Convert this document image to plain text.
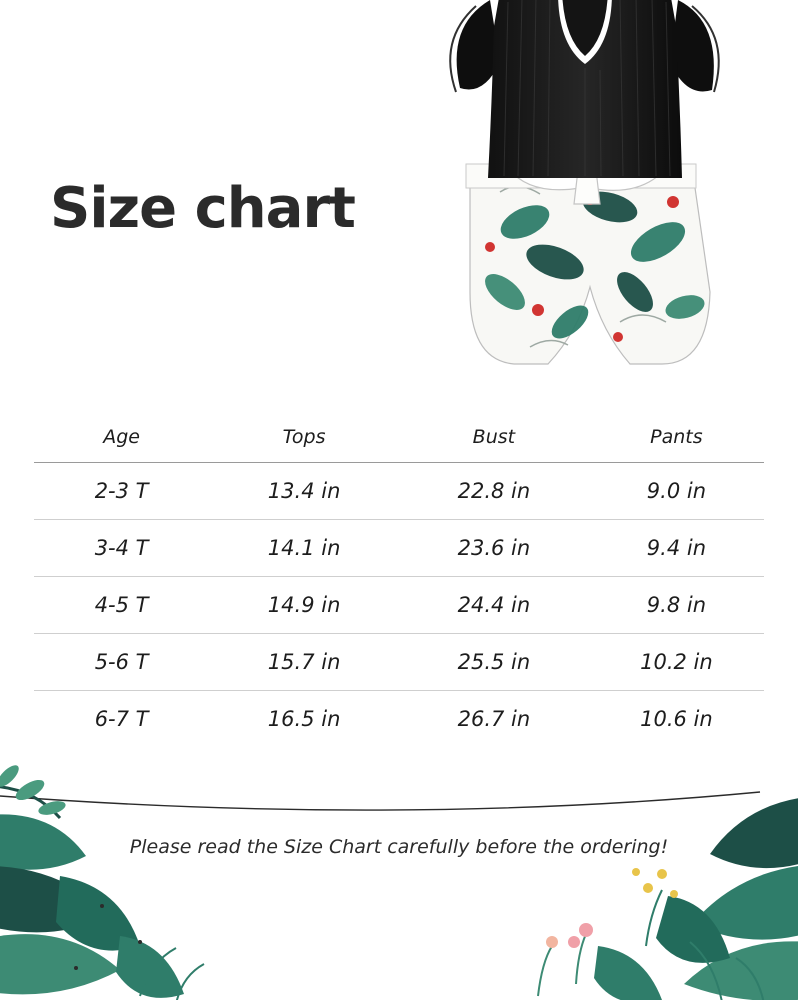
Size chart
Age	Tops	Bust	Pants
2-3 T	13.4 in	22.8 in	9.0 in
3-4 T	14.1 in	23.6 in	9.4 in
4-5 T	14.9 in	24.4 in	9.8 in
5-6 T	15.7 in	25.5 in	10.2 in
6-7 T	16.5 in	26.7 in	10.6 in
Please read the Size Chart carefully before the ordering!
